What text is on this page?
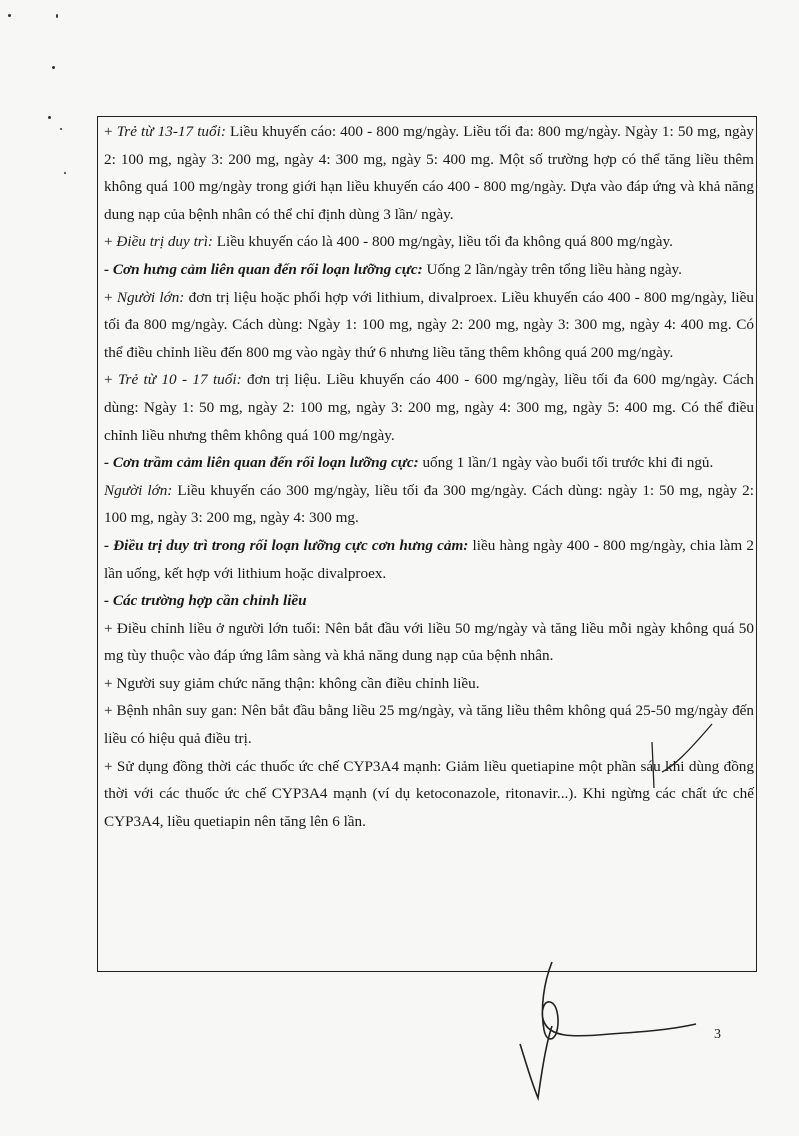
+ Trẻ từ 13-17 tuổi: Liều khuyến cáo: 400 - 800 mg/ngày. Liều tối đa: 800 mg/ngày. Ngày 1: 50 mg, ngày 2: 100 mg, ngày 3: 200 mg, ngày 4: 300 mg, ngày 5: 400 mg. Một số trường hợp có thể tăng liều thêm không quá 100 mg/ngày trong giới hạn liều khuyến cáo 400 - 800 mg/ngày. Dựa vào đáp ứng và khả năng dung nạp của bệnh nhân có thể chỉ định dùng 3 lần/ ngày.

+ Điều trị duy trì: Liều khuyến cáo là 400 - 800 mg/ngày, liều tối đa không quá 800 mg/ngày.

- Cơn hưng cảm liên quan đến rối loạn lưỡng cực: Uống 2 lần/ngày trên tổng liều hàng ngày.

+ Người lớn: đơn trị liệu hoặc phối hợp với lithium, divalproex. Liều khuyến cáo 400 - 800 mg/ngày, liều tối đa 800 mg/ngày. Cách dùng: Ngày 1: 100 mg, ngày 2: 200 mg, ngày 3: 300 mg, ngày 4: 400 mg. Có thể điều chỉnh liều đến 800 mg vào ngày thứ 6 nhưng liều tăng thêm không quá 200 mg/ngày.

+ Trẻ từ 10 - 17 tuổi: đơn trị liệu. Liều khuyến cáo 400 - 600 mg/ngày, liều tối đa 600 mg/ngày. Cách dùng: Ngày 1: 50 mg, ngày 2: 100 mg, ngày 3: 200 mg, ngày 4: 300 mg, ngày 5: 400 mg. Có thể điều chỉnh liều nhưng thêm không quá 100 mg/ngày.

- Cơn trầm cảm liên quan đến rối loạn lưỡng cực: uống 1 lần/1 ngày vào buổi tối trước khi đi ngủ.

Người lớn: Liều khuyến cáo 300 mg/ngày, liều tối đa 300 mg/ngày. Cách dùng: ngày 1: 50 mg, ngày 2: 100 mg, ngày 3: 200 mg, ngày 4: 300 mg.

- Điều trị duy trì trong rối loạn lưỡng cực cơn hưng cảm: liều hàng ngày 400 - 800 mg/ngày, chia làm 2 lần uống, kết hợp với lithium hoặc divalproex.

- Các trường hợp cần chỉnh liều

+ Điều chỉnh liều ở người lớn tuổi: Nên bắt đầu với liều 50 mg/ngày và tăng liều mỗi ngày không quá 50 mg tùy thuộc vào đáp ứng lâm sàng và khả năng dung nạp của bệnh nhân.

+ Người suy giảm chức năng thận: không cần điều chỉnh liều.

+ Bệnh nhân suy gan: Nên bắt đầu bằng liều 25 mg/ngày, và tăng liều thêm không quá 25-50 mg/ngày đến liều có hiệu quả điều trị.

+ Sử dụng đồng thời các thuốc ức chế CYP3A4 mạnh: Giảm liều quetiapine một phần sáu khi dùng đồng thời với các thuốc ức chế CYP3A4 mạnh (ví dụ ketoconazole, ritonavir...). Khi ngừng các chất ức chế CYP3A4, liều quetiapin nên tăng lên 6 lần.

3
